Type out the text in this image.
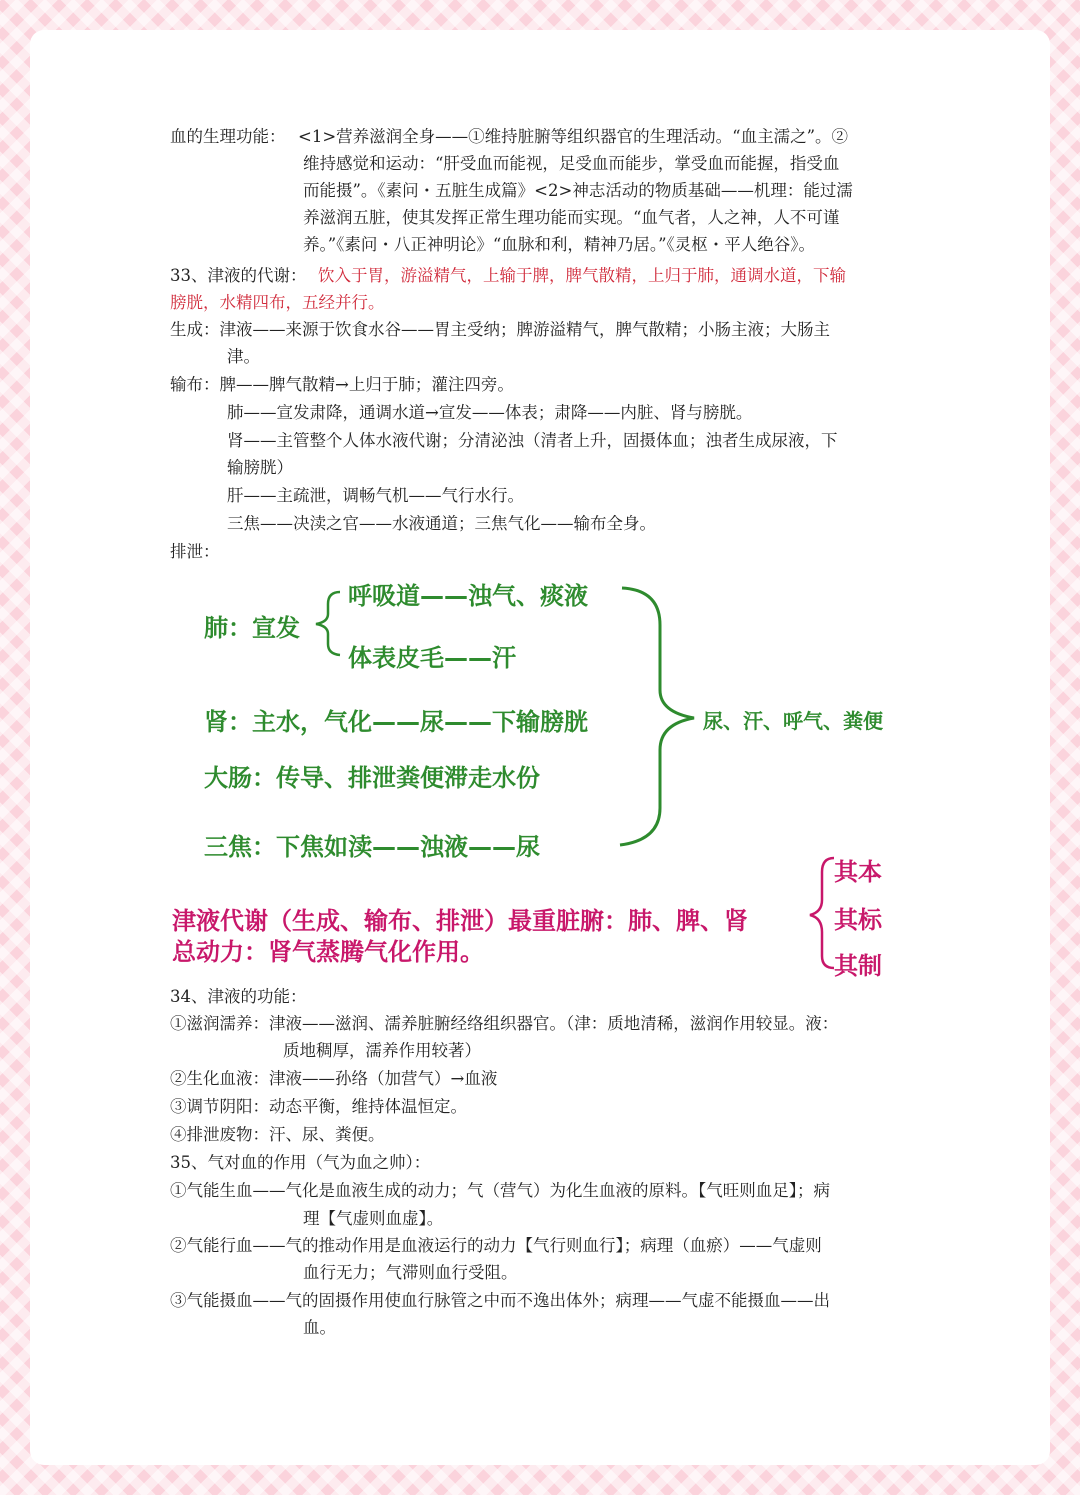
血的生理功能： <1>营养滋润全身——①维持脏腑等组织器官的生理活动。“血主濡之”。②
维持感觉和运动：“肝受血而能视，足受血而能步，掌受血而能握，指受血
而能摄”。《素问・五脏生成篇》<2>神志活动的物质基础——机理：能过濡
养滋润五脏，使其发挥正常生理功能而实现。“血气者，人之神，人不可谨
养。”《素问・八正神明论》“血脉和利，精神乃居。”《灵枢・平人绝谷》。
33、津液的代谢： 饮入于胃，游溢精气，上输于脾，脾气散精，上归于肺，通调水道，下输
膀胱，水精四布，五经并行。
生成：津液——来源于饮食水谷——胃主受纳；脾游溢精气，脾气散精；小肠主液；大肠主
津。
输布：脾——脾气散精→上归于肺；灌注四旁。
肺——宣发肃降，通调水道→宣发——体表；肃降——内脏、肾与膀胱。
肾——主管整个人体水液代谢；分清泌浊（清者上升，固摄体血；浊者生成尿液，下
输膀胱）
肝——主疏泄，调畅气机——气行水行。
三焦——决渎之官——水液通道；三焦气化——输布全身。
排泄：
肺：宣发
呼吸道——浊气、痰液
体表皮毛——汗
肾：主水，气化——尿——下输膀胱
大肠：传导、排泄粪便滞走水份
三焦：下焦如渎——浊液——尿
尿、汗、呼气、粪便
津液代谢（生成、输布、排泄）最重脏腑：肺、脾、肾
总动力：肾气蒸腾气化作用。
其本
其标
其制
34、津液的功能：
①滋润濡养：津液——滋润、濡养脏腑经络组织器官。（津：质地清稀，滋润作用较显。液：
质地稠厚，濡养作用较著）
②生化血液：津液——孙络（加营气）→血液
③调节阴阳：动态平衡，维持体温恒定。
④排泄废物：汗、尿、粪便。
35、气对血的作用（气为血之帅）：
①气能生血——气化是血液生成的动力；气（营气）为化生血液的原料。【气旺则血足】；病
理【气虚则血虚】。
②气能行血——气的推动作用是血液运行的动力【气行则血行】；病理（血瘀）——气虚则
血行无力；气滞则血行受阻。
③气能摄血——气的固摄作用使血行脉管之中而不逸出体外；病理——气虚不能摄血——出
血。
